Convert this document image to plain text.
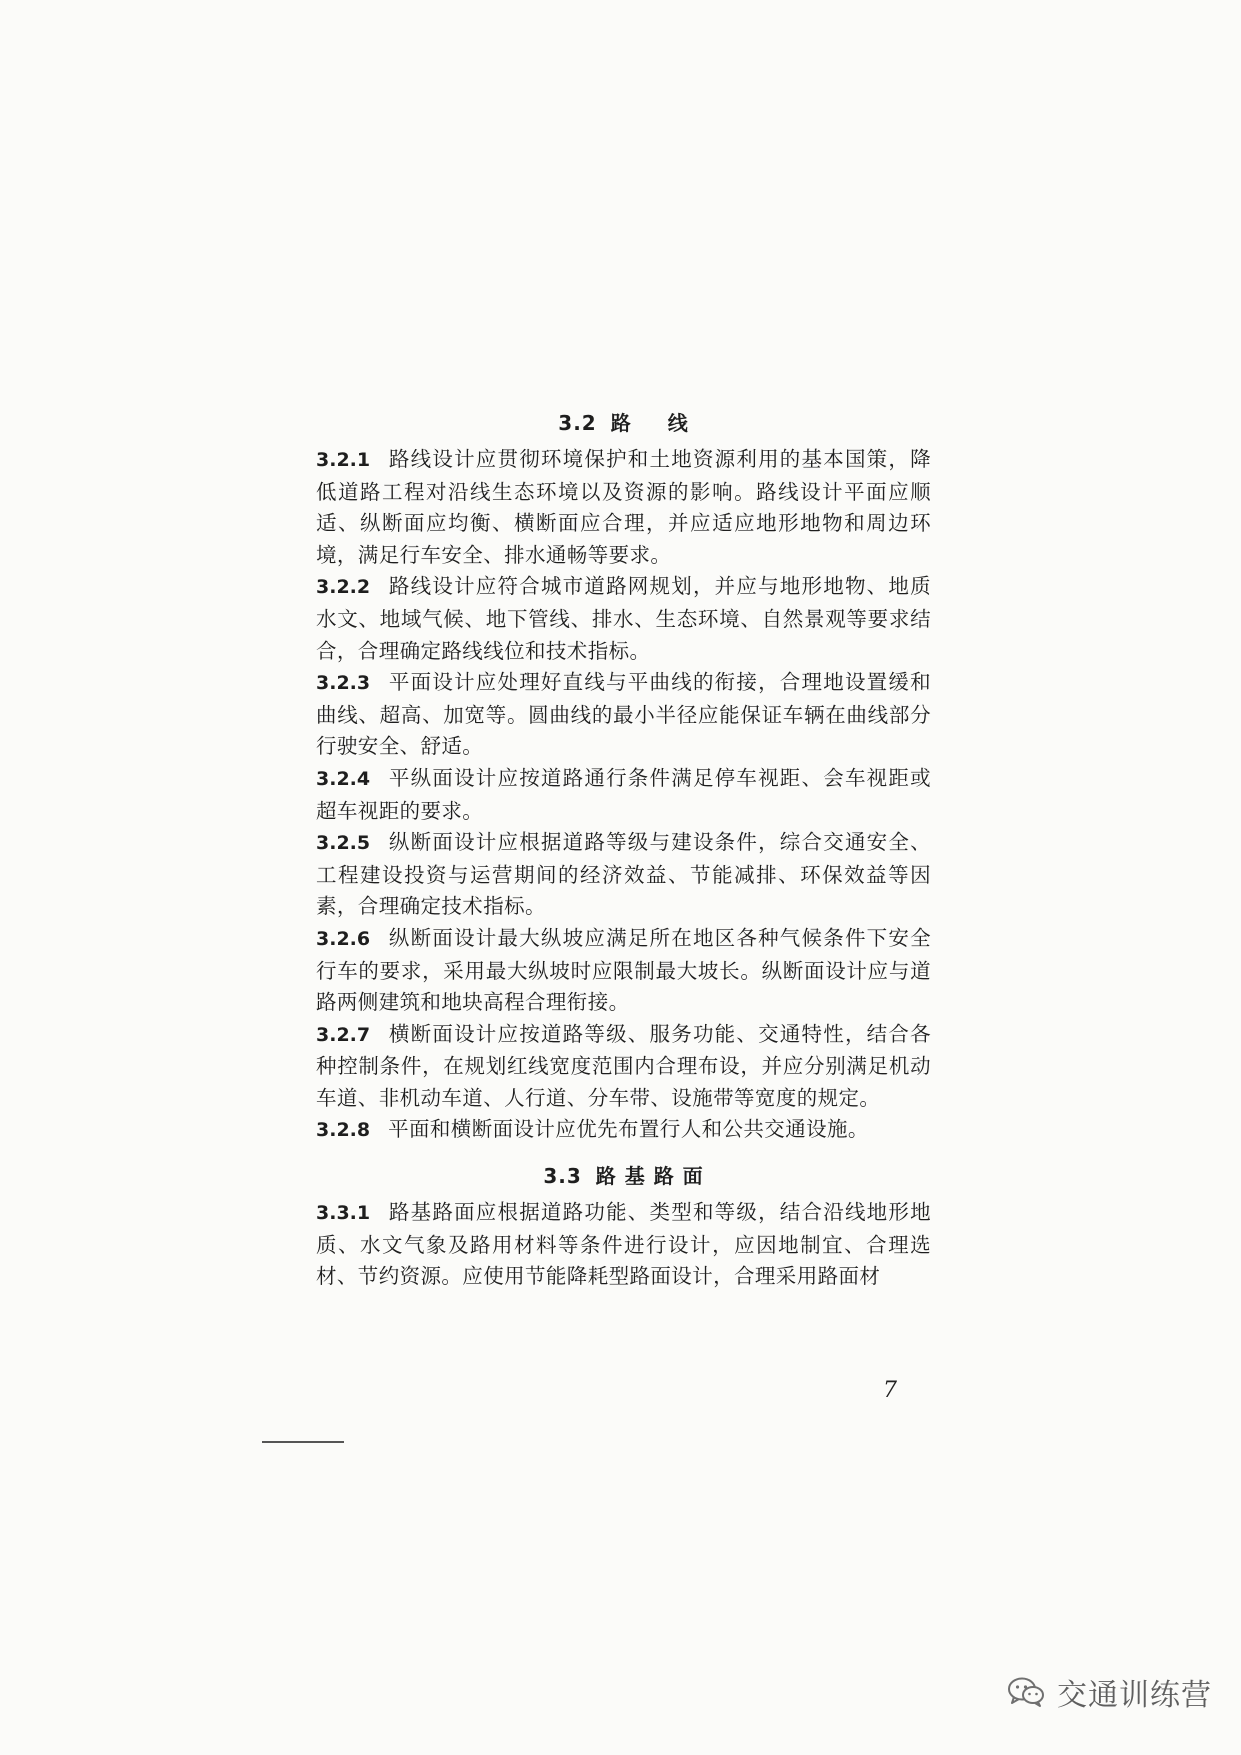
3.2 路 线

3.2.1 路线设计应贯彻环境保护和土地资源利用的基本国策，降低道路工程对沿线生态环境以及资源的影响。路线设计平面应顺适、纵断面应均衡、横断面应合理，并应适应地形地物和周边环境，满足行车安全、排水通畅等要求。

3.2.2 路线设计应符合城市道路网规划，并应与地形地物、地质水文、地域气候、地下管线、排水、生态环境、自然景观等要求结合，合理确定路线线位和技术指标。

3.2.3 平面设计应处理好直线与平曲线的衔接，合理地设置缓和曲线、超高、加宽等。圆曲线的最小半径应能保证车辆在曲线部分行驶安全、舒适。

3.2.4 平纵面设计应按道路通行条件满足停车视距、会车视距或超车视距的要求。

3.2.5 纵断面设计应根据道路等级与建设条件，综合交通安全、工程建设投资与运营期间的经济效益、节能减排、环保效益等因素，合理确定技术指标。

3.2.6 纵断面设计最大纵坡应满足所在地区各种气候条件下安全行车的要求，采用最大纵坡时应限制最大坡长。纵断面设计应与道路两侧建筑和地块高程合理衔接。

3.2.7 横断面设计应按道路等级、服务功能、交通特性，结合各种控制条件，在规划红线宽度范围内合理布设，并应分别满足机动车道、非机动车道、人行道、分车带、设施带等宽度的规定。

3.2.8 平面和横断面设计应优先布置行人和公共交通设施。

3.3 路 基 路 面

3.3.1 路基路面应根据道路功能、类型和等级，结合沿线地形地质、水文气象及路用材料等条件进行设计，应因地制宜、合理选材、节约资源。应使用节能降耗型路面设计，合理采用路面材

7
交通训练营
